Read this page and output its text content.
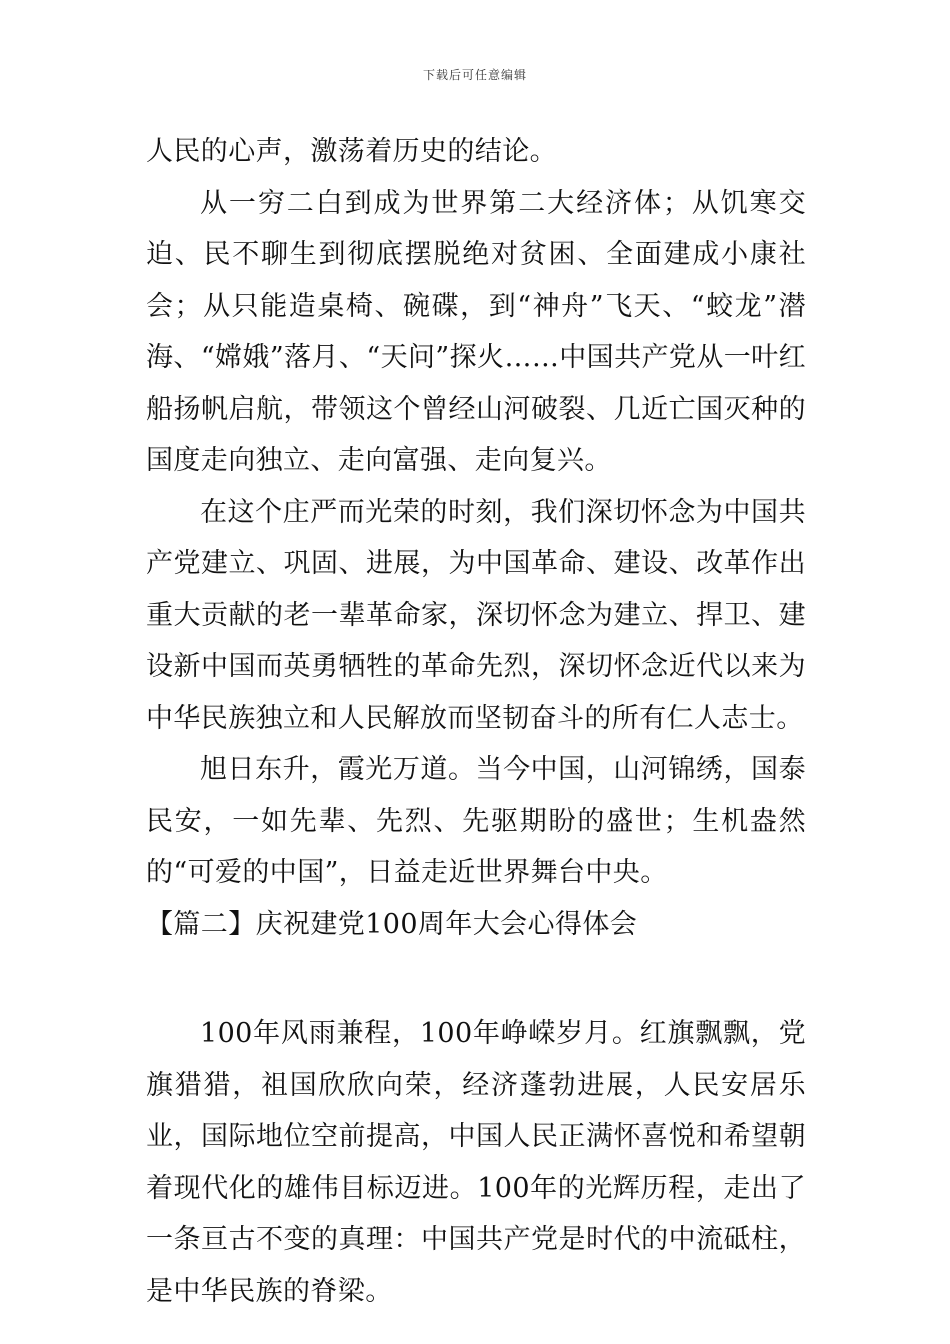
下载后可任意编辑

人民的心声，激荡着历史的结论。

从一穷二白到成为世界第二大经济体；从饥寒交迫、民不聊生到彻底摆脱绝对贫困、全面建成小康社会；从只能造桌椅、碗碟，到“神舟”飞天、“蛟龙”潜海、“嫦娥”落月、“天问”探火……中国共产党从一叶红船扬帆启航，带领这个曾经山河破裂、几近亡国灭种的国度走向独立、走向富强、走向复兴。

在这个庄严而光荣的时刻，我们深切怀念为中国共产党建立、巩固、进展，为中国革命、建设、改革作出重大贡献的老一辈革命家，深切怀念为建立、捍卫、建设新中国而英勇牺牲的革命先烈，深切怀念近代以来为中华民族独立和人民解放而坚韧奋斗的所有仁人志士。

旭日东升，霞光万道。当今中国，山河锦绣，国泰民安，一如先辈、先烈、先驱期盼的盛世；生机盎然的“可爱的中国”，日益走近世界舞台中央。

【篇二】庆祝建党100周年大会心得体会

100年风雨兼程，100年峥嵘岁月。红旗飘飘，党旗猎猎，祖国欣欣向荣，经济蓬勃进展，人民安居乐业，国际地位空前提高，中国人民正满怀喜悦和希望朝着现代化的雄伟目标迈进。100年的光辉历程，走出了一条亘古不变的真理：中国共产党是时代的中流砥柱，是中华民族的脊梁。
